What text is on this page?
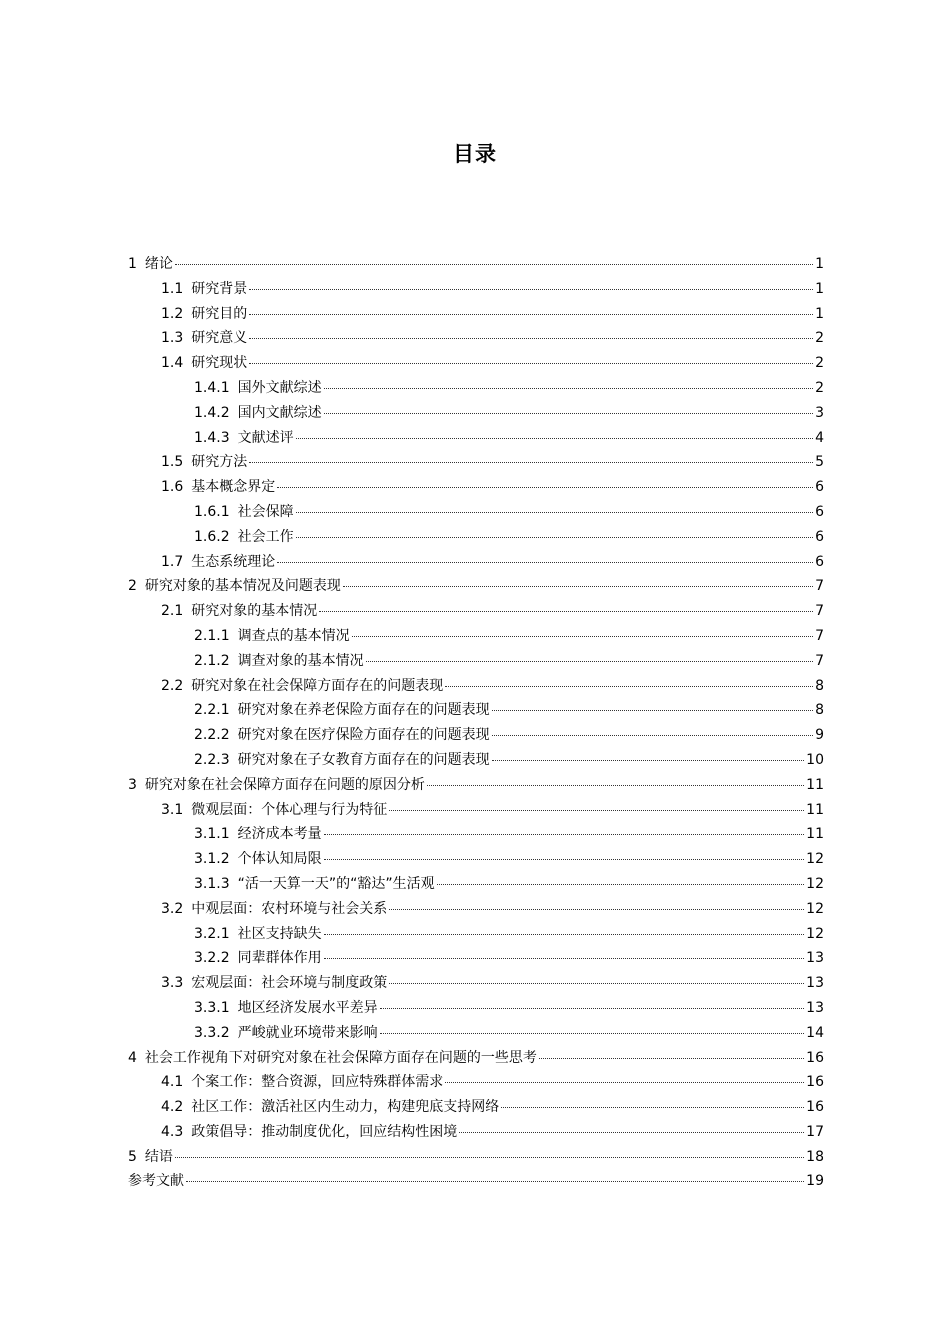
目录
1 绪论	1
1.1 研究背景	1
1.2 研究目的	1
1.3 研究意义	2
1.4 研究现状	2
1.4.1 国外文献综述	2
1.4.2 国内文献综述	3
1.4.3 文献述评	4
1.5 研究方法	5
1.6 基本概念界定	6
1.6.1 社会保障	6
1.6.2 社会工作	6
1.7 生态系统理论	6
2 研究对象的基本情况及问题表现	7
2.1 研究对象的基本情况	7
2.1.1 调查点的基本情况	7
2.1.2 调查对象的基本情况	7
2.2 研究对象在社会保障方面存在的问题表现	8
2.2.1 研究对象在养老保险方面存在的问题表现	8
2.2.2 研究对象在医疗保险方面存在的问题表现	9
2.2.3 研究对象在子女教育方面存在的问题表现	10
3 研究对象在社会保障方面存在问题的原因分析	11
3.1 微观层面：个体心理与行为特征	11
3.1.1 经济成本考量	11
3.1.2 个体认知局限	12
3.1.3 “活一天算一天”的“豁达”生活观	12
3.2 中观层面：农村环境与社会关系	12
3.2.1 社区支持缺失	12
3.2.2 同辈群体作用	13
3.3 宏观层面：社会环境与制度政策	13
3.3.1 地区经济发展水平差异	13
3.3.2 严峻就业环境带来影响	14
4 社会工作视角下对研究对象在社会保障方面存在问题的一些思考	16
4.1 个案工作：整合资源，回应特殊群体需求	16
4.2 社区工作：激活社区内生动力，构建兜底支持网络	16
4.3 政策倡导：推动制度优化，回应结构性困境	17
5 结语	18
参考文献	19
